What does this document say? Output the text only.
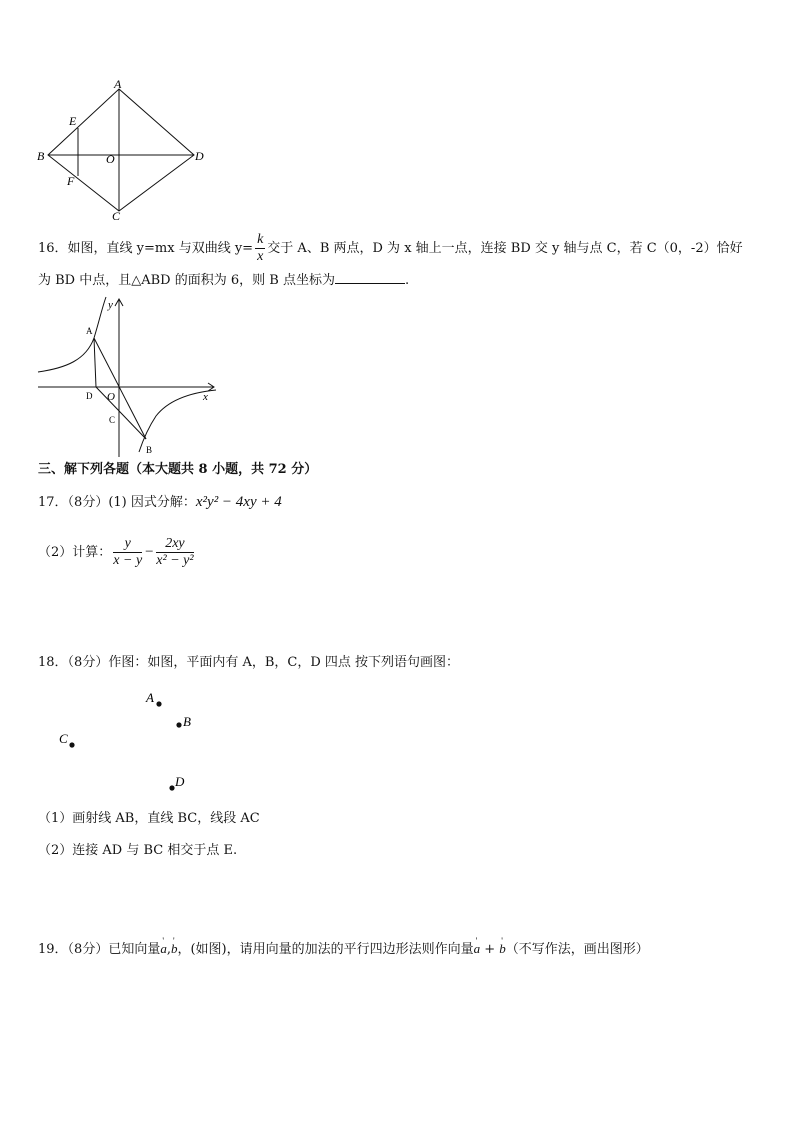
A
E
B	O	D
F
C
16．如图，直线 y=mx 与双曲线 $y= \frac{k}{x}$ 交于 A、B 两点，D 为 x 轴上一点，连接 BD 交 y 轴与点 C，若 C（0，-2）恰好
为 BD 中点，且△ABD 的面积为 6，则 B 点坐标为	.
y
x
A
D O
C
B
三、解下列各题（本大题共 8 小题，共 72 分）
17．（8分）(1) 因式分解：x²y² − 4xy + 4
（2）计算： $\frac{y}{x - y} - \frac{2xy}{\text{x² − y²}}$
18．（8分）作图：如图，平面内有 A，B，C，D 四点 按下列语句画图：
A
B
C
D
（1）画射线 AB，直线 BC，线段 AC
（2）连接 AD 与 BC 相交于点 E.
19．（8分）已知向量' a,' b，(如图)，请用向量的加法的平行四边形法则作向量' a + ' b（不写作法，画出图形）
